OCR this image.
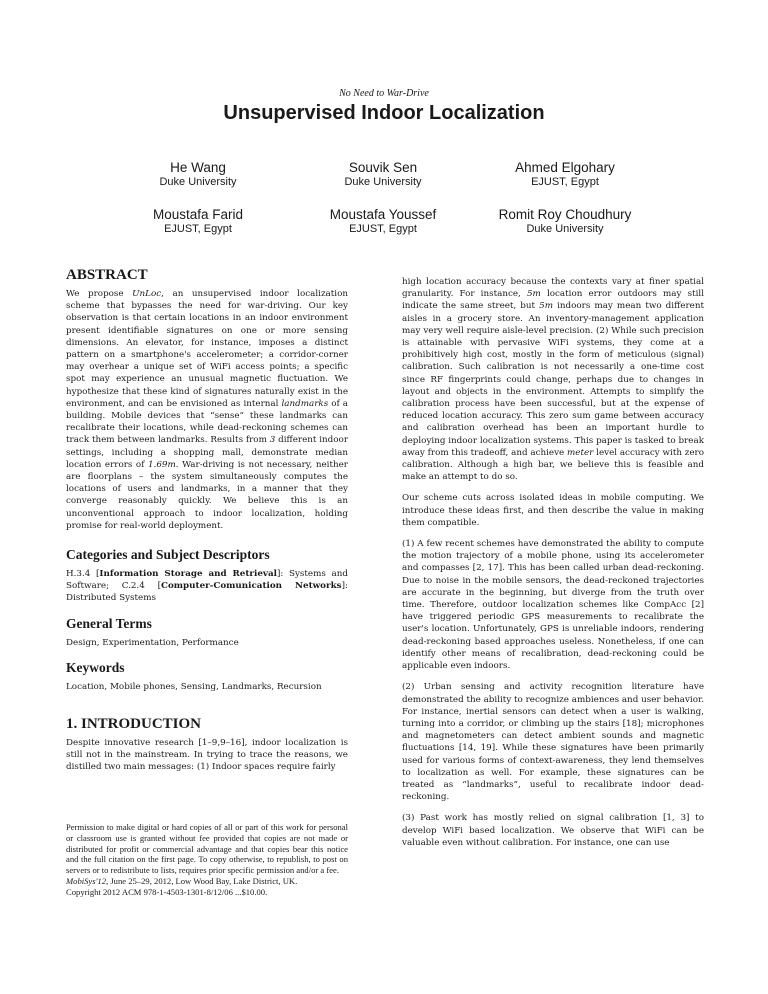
No Need to War-Drive
Unsupervised Indoor Localization
He Wang
Duke University
Souvik Sen
Duke University
Ahmed Elgohary
EJUST, Egypt
Moustafa Farid
EJUST, Egypt
Moustafa Youssef
EJUST, Egypt
Romit Roy Choudhury
Duke University
ABSTRACT

We propose UnLoc, an unsupervised indoor localization scheme that bypasses the need for war-driving. Our key observation is that certain locations in an indoor environment present identifiable signatures on one or more sensing dimensions. An elevator, for instance, imposes a distinct pattern on a smartphone's accelerometer; a corridor-corner may overhear a unique set of WiFi access points; a specific spot may experience an unusual magnetic fluctuation. We hypothesize that these kind of signatures naturally exist in the environment, and can be envisioned as internal landmarks of a building. Mobile devices that “sense” these landmarks can recalibrate their locations, while dead-reckoning schemes can track them between landmarks. Results from 3 different indoor settings, including a shopping mall, demonstrate median location errors of 1.69m. War-driving is not necessary, neither are floorplans – the system simultaneously computes the locations of users and landmarks, in a manner that they converge reasonably quickly. We believe this is an unconventional approach to indoor localization, holding promise for real-world deployment.

Categories and Subject Descriptors

H.3.4 [Information Storage and Retrieval]: Systems and Software; C.2.4 [Computer-Comunication Networks]: Distributed Systems

General Terms

Design, Experimentation, Performance

Keywords

Location, Mobile phones, Sensing, Landmarks, Recursion

1. INTRODUCTION

Despite innovative research [1–9,9–16], indoor localization is still not in the mainstream. In trying to trace the reasons, we distilled two main messages: (1) Indoor spaces require fairly

Permission to make digital or hard copies of all or part of this work for personal or classroom use is granted without fee provided that copies are not made or distributed for profit or commercial advantage and that copies bear this notice and the full citation on the first page. To copy otherwise, to republish, to post on servers or to redistribute to lists, requires prior specific permission and/or a fee.

MobiSys'12, June 25–29, 2012, Low Wood Bay, Lake District, UK.

Copyright 2012 ACM 978-1-4503-1301-8/12/06 ...$10.00.

high location accuracy because the contexts vary at finer spatial granularity. For instance, 5m location error outdoors may still indicate the same street, but 5m indoors may mean two different aisles in a grocery store. An inventory-management application may very well require aisle-level precision. (2) While such precision is attainable with pervasive WiFi systems, they come at a prohibitively high cost, mostly in the form of meticulous (signal) calibration. Such calibration is not necessarily a one-time cost since RF fingerprints could change, perhaps due to changes in layout and objects in the environment. Attempts to simplify the calibration process have been successful, but at the expense of reduced location accuracy. This zero sum game between accuracy and calibration overhead has been an important hurdle to deploying indoor localization systems. This paper is tasked to break away from this tradeoff, and achieve meter level accuracy with zero calibration. Although a high bar, we believe this is feasible and make an attempt to do so.

Our scheme cuts across isolated ideas in mobile computing. We introduce these ideas first, and then describe the value in making them compatible.

(1) A few recent schemes have demonstrated the ability to compute the motion trajectory of a mobile phone, using its accelerometer and compasses [2, 17]. This has been called urban dead-reckoning. Due to noise in the mobile sensors, the dead-reckoned trajectories are accurate in the beginning, but diverge from the truth over time. Therefore, outdoor localization schemes like CompAcc [2] have triggered periodic GPS measurements to recalibrate the user's location. Unfortunately, GPS is unreliable indoors, rendering dead-reckoning based approaches useless. Nonetheless, if one can identify other means of recalibration, dead-reckoning could be applicable even indoors.

(2) Urban sensing and activity recognition literature have demonstrated the ability to recognize ambiences and user behavior. For instance, inertial sensors can detect when a user is walking, turning into a corridor, or climbing up the stairs [18]; microphones and magnetometers can detect ambient sounds and magnetic fluctuations [14, 19]. While these signatures have been primarily used for various forms of context-awareness, they lend themselves to localization as well. For example, these signatures can be treated as “landmarks”, useful to recalibrate indoor dead-reckoning.

(3) Past work has mostly relied on signal calibration [1, 3] to develop WiFi based localization. We observe that WiFi can be valuable even without calibration. For instance, one can use
